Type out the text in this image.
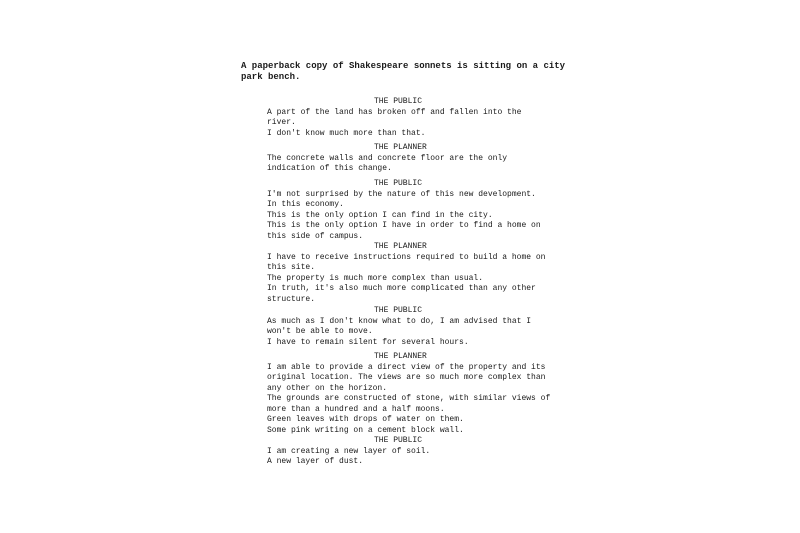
A paperback copy of Shakespeare sonnets is sitting on a city
park bench.
THE PUBLIC
A part of the land has broken off and fallen into the
river.
I don't know much more than that.
THE PLANNER
The concrete walls and concrete floor are the only
indication of this change.
THE PUBLIC
I'm not surprised by the nature of this new development.
In this economy.
This is the only option I can find in the city.
This is the only option I have in order to find a home on
this side of campus.
THE PLANNER
I have to receive instructions required to build a home on
this site.
The property is much more complex than usual.
In truth, it's also much more complicated than any other
structure.
THE PUBLIC
As much as I don't know what to do, I am advised that I
won't be able to move.
I have to remain silent for several hours.
THE PLANNER
I am able to provide a direct view of the property and its
original location. The views are so much more complex than
any other on the horizon.
The grounds are constructed of stone, with similar views of
more than a hundred and a half moons.
Green leaves with drops of water on them.
Some pink writing on a cement block wall.
THE PUBLIC
I am creating a new layer of soil.
A new layer of dust.
